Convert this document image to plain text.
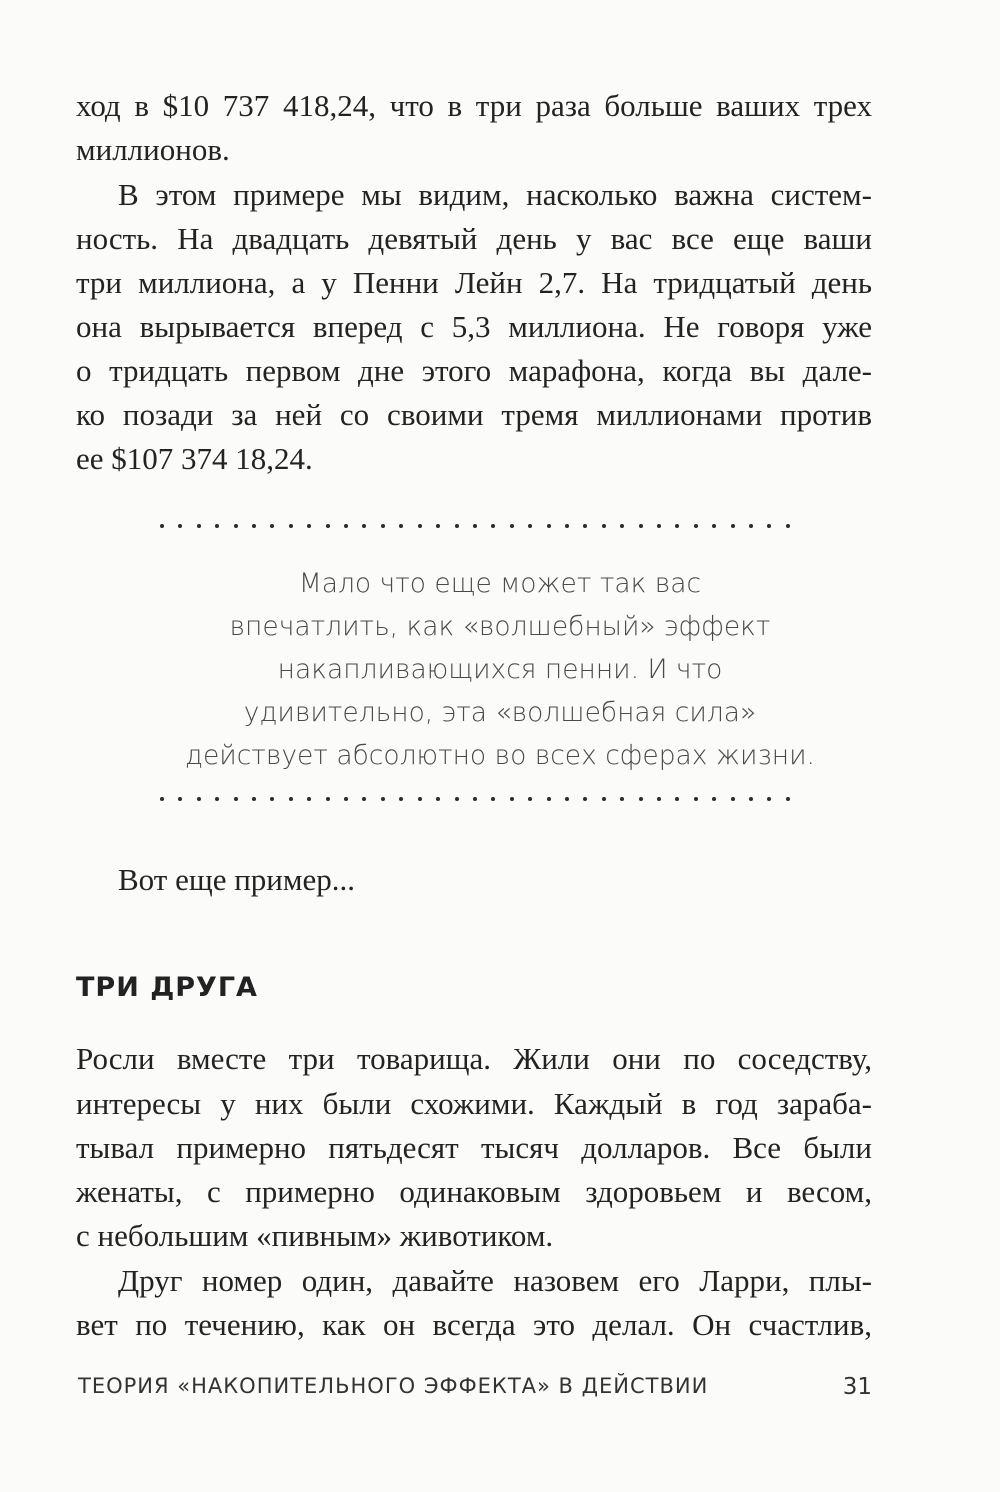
ход в $10 737 418,24, что в три раза больше ваших трех
миллионов.
В этом примере мы видим, насколько важна систем-
ность. На двадцать девятый день у вас все еще ваши
три миллиона, а у Пенни Лейн 2,7. На тридцатый день
она вырывается вперед с 5,3 миллиона. Не говоря уже
о тридцать первом дне этого марафона, когда вы дале-
ко позади за ней со своими тремя миллионами против
ее $107 374 18,24.
Мало что еще может так вас
впечатлить, как «волшебный» эффект
накапливающихся пенни. И что
удивительно, эта «волшебная сила»
действует абсолютно во всех сферах жизни.
Вот еще пример...
ТРИ ДРУГА
Росли вместе три товарища. Жили они по соседству,
интересы у них были схожими. Каждый в год зараба-
тывал примерно пятьдесят тысяч долларов. Все были
женаты, с примерно одинаковым здоровьем и весом,
с небольшим «пивным» животиком.
Друг номер один, давайте назовем его Ларри, плы-
вет по течению, как он всегда это делал. Он счастлив,
ТЕОРИЯ «НАКОПИТЕЛЬНОГО ЭФФЕКТА» В ДЕЙСТВИИ	31
